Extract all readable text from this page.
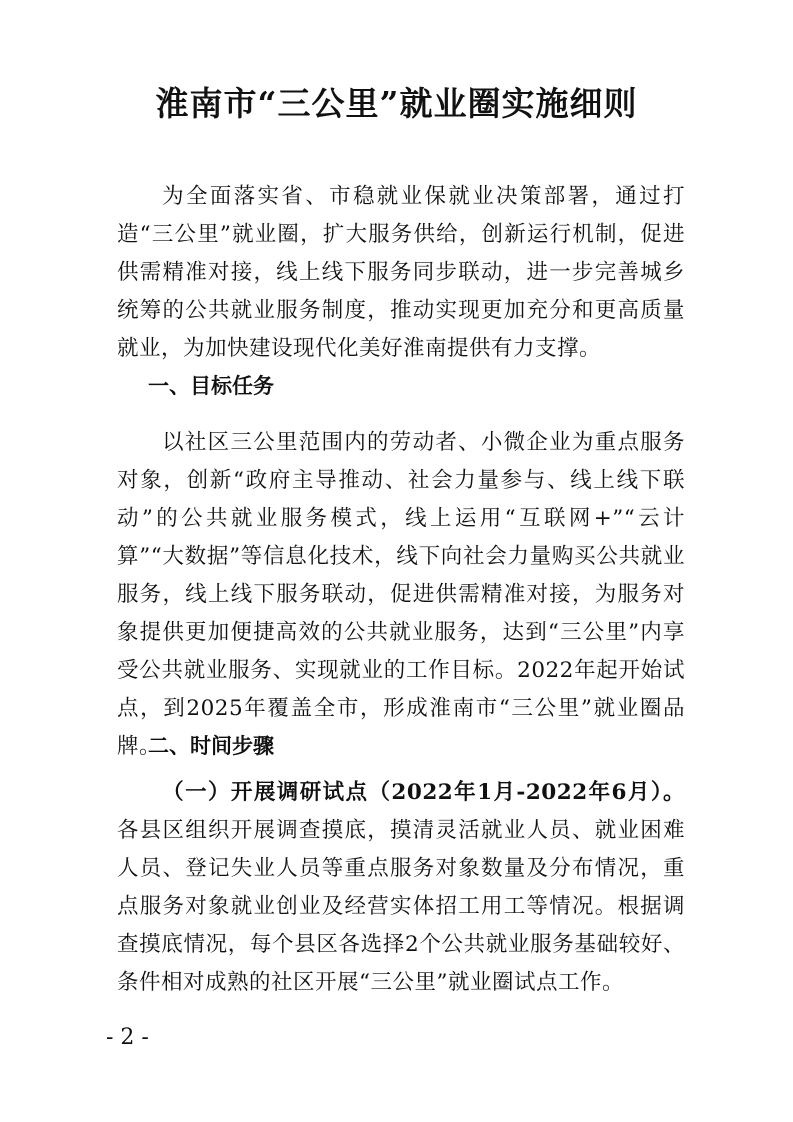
淮南市“三公里”就业圈实施细则

为全面落实省、市稳就业保就业决策部署，通过打造“三公里”就业圈，扩大服务供给，创新运行机制，促进供需精准对接，线上线下服务同步联动，进一步完善城乡统筹的公共就业服务制度，推动实现更加充分和更高质量就业，为加快建设现代化美好淮南提供有力支撑。

一、目标任务

以社区三公里范围内的劳动者、小微企业为重点服务对象，创新“政府主导推动、社会力量参与、线上线下联动”的公共就业服务模式，线上运用“互联网+”“云计算”“大数据”等信息化技术，线下向社会力量购买公共就业服务，线上线下服务联动，促进供需精准对接，为服务对象提供更加便捷高效的公共就业服务，达到“三公里”内享受公共就业服务、实现就业的工作目标。2022年起开始试点，到2025年覆盖全市，形成淮南市“三公里”就业圈品牌。

二、时间步骤

（一）开展调研试点（2022年1月-2022年6月）。各县区组织开展调查摸底，摸清灵活就业人员、就业困难人员、登记失业人员等重点服务对象数量及分布情况，重点服务对象就业创业及经营实体招工用工等情况。根据调查摸底情况，每个县区各选择2个公共就业服务基础较好、条件相对成熟的社区开展“三公里”就业圈试点工作。

- 2 -
